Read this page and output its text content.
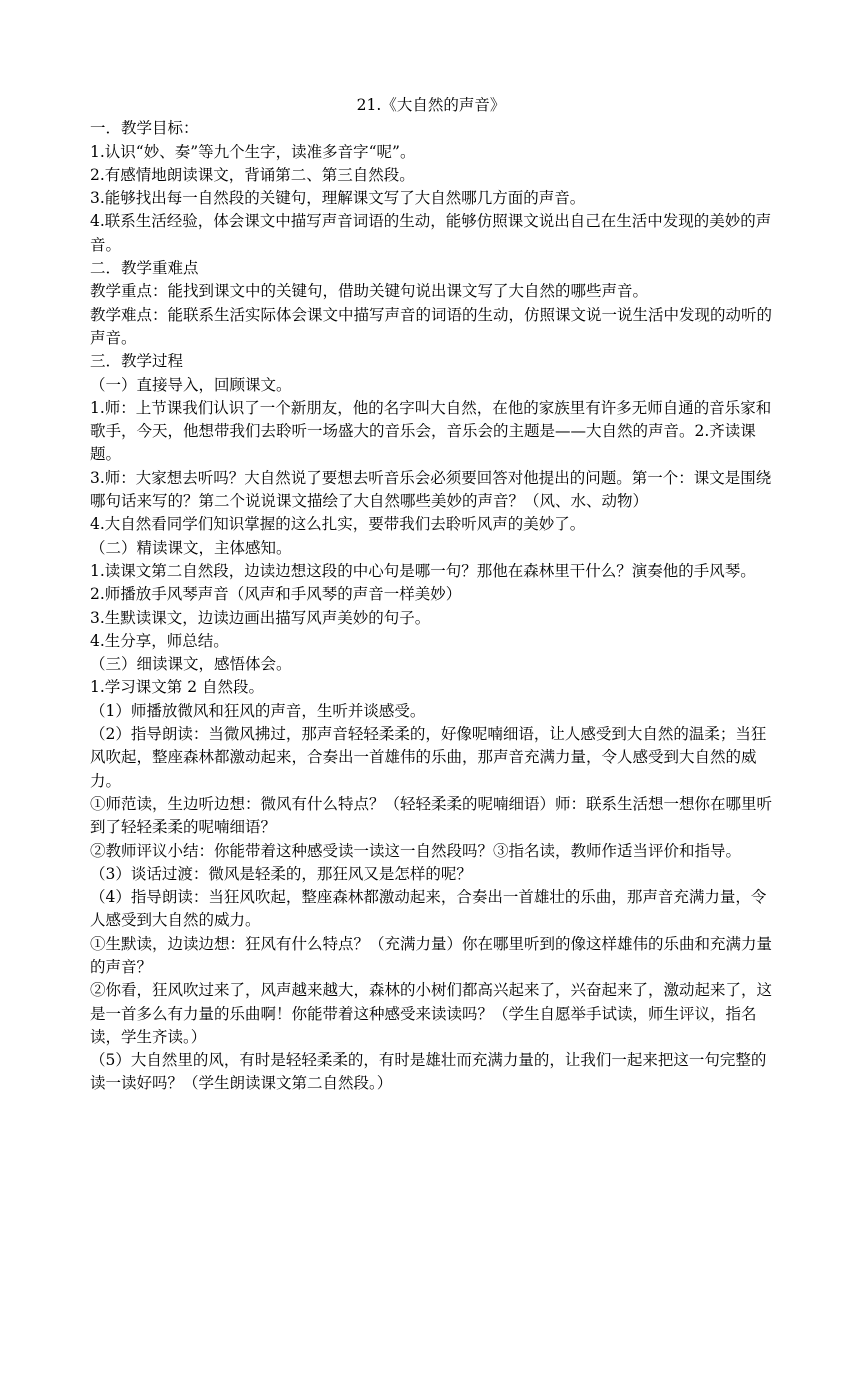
21.《大自然的声音》

一．教学目标：

1.认识“妙、奏”等九个生字，读准多音字“呢”。

2.有感情地朗读课文，背诵第二、第三自然段。

3.能够找出每一自然段的关键句，理解课文写了大自然哪几方面的声音。

4.联系生活经验，体会课文中描写声音词语的生动，能够仿照课文说出自己在生活中发现的美妙的声音。

二．教学重难点

教学重点：能找到课文中的关键句，借助关键句说出课文写了大自然的哪些声音。

教学难点：能联系生活实际体会课文中描写声音的词语的生动，仿照课文说一说生活中发现的动听的声音。

三．教学过程

（一）直接导入，回顾课文。

1.师：上节课我们认识了一个新朋友，他的名字叫大自然，在他的家族里有许多无师自通的音乐家和歌手，今天，他想带我们去聆听一场盛大的音乐会，音乐会的主题是——大自然的声音。2.齐读课题。

3.师：大家想去听吗？大自然说了要想去听音乐会必须要回答对他提出的问题。第一个：课文是围绕哪句话来写的？第二个说说课文描绘了大自然哪些美妙的声音？（风、水、动物）

4.大自然看同学们知识掌握的这么扎实，要带我们去聆听风声的美妙了。

（二）精读课文，主体感知。

1.读课文第二自然段，边读边想这段的中心句是哪一句？那他在森林里干什么？演奏他的手风琴。

2.师播放手风琴声音（风声和手风琴的声音一样美妙）

3.生默读课文，边读边画出描写风声美妙的句子。

4.生分享，师总结。

（三）细读课文，感悟体会。

1.学习课文第 2 自然段。

（1）师播放微风和狂风的声音，生听并谈感受。

（2）指导朗读：当微风拂过，那声音轻轻柔柔的，好像呢喃细语，让人感受到大自然的温柔；当狂风吹起，整座森林都激动起来，合奏出一首雄伟的乐曲，那声音充满力量，令人感受到大自然的威力。

①师范读，生边听边想：微风有什么特点？（轻轻柔柔的呢喃细语）师：联系生活想一想你在哪里听到了轻轻柔柔的呢喃细语？

②教师评议小结：你能带着这种感受读一读这一自然段吗？③指名读，教师作适当评价和指导。

（3）谈话过渡：微风是轻柔的，那狂风又是怎样的呢？

（4）指导朗读：当狂风吹起，整座森林都激动起来，合奏出一首雄壮的乐曲，那声音充满力量，令人感受到大自然的威力。

①生默读，边读边想：狂风有什么特点？（充满力量）你在哪里听到的像这样雄伟的乐曲和充满力量的声音？

②你看，狂风吹过来了，风声越来越大，森林的小树们都高兴起来了，兴奋起来了，激动起来了，这是一首多么有力量的乐曲啊！你能带着这种感受来读读吗？（学生自愿举手试读，师生评议，指名读，学生齐读。）

（5）大自然里的风，有时是轻轻柔柔的，有时是雄壮而充满力量的，让我们一起来把这一句完整的读一读好吗？（学生朗读课文第二自然段。）
